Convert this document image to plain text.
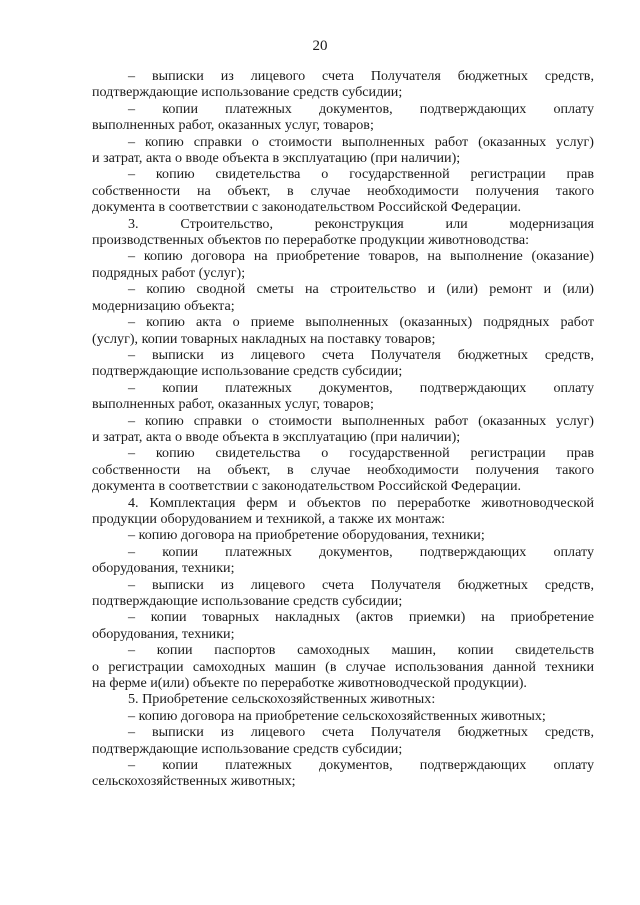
20
– выписки из лицевого счета Получателя бюджетных средств,
подтверждающие использование средств субсидии;
– копии платежных документов, подтверждающих оплату
выполненных работ, оказанных услуг, товаров;
– копию справки о стоимости выполненных работ (оказанных услуг)
и затрат, акта о вводе объекта в эксплуатацию (при наличии);
– копию свидетельства о государственной регистрации прав
собственности на объект, в случае необходимости получения такого
документа в соответствии с законодательством Российской Федерации.
3. Строительство, реконструкция или модернизация
производственных объектов по переработке продукции животноводства:
– копию договора на приобретение товаров, на выполнение (оказание)
подрядных работ (услуг);
– копию сводной сметы на строительство и (или) ремонт и (или)
модернизацию объекта;
– копию акта о приеме выполненных (оказанных) подрядных работ
(услуг), копии товарных накладных на поставку товаров;
– выписки из лицевого счета Получателя бюджетных средств,
подтверждающие использование средств субсидии;
– копии платежных документов, подтверждающих оплату
выполненных работ, оказанных услуг, товаров;
– копию справки о стоимости выполненных работ (оказанных услуг)
и затрат, акта о вводе объекта в эксплуатацию (при наличии);
– копию свидетельства о государственной регистрации прав
собственности на объект, в случае необходимости получения такого
документа в соответствии с законодательством Российской Федерации.
4. Комплектация ферм и объектов по переработке животноводческой
продукции оборудованием и техникой, а также их монтаж:
– копию договора на приобретение оборудования, техники;
– копии платежных документов, подтверждающих оплату
оборудования, техники;
– выписки из лицевого счета Получателя бюджетных средств,
подтверждающие использование средств субсидии;
– копии товарных накладных (актов приемки) на приобретение
оборудования, техники;
– копии паспортов самоходных машин, копии свидетельств
о регистрации самоходных машин (в случае использования данной техники
на ферме и(или) объекте по переработке животноводческой продукции).
5. Приобретение сельскохозяйственных животных:
– копию договора на приобретение сельскохозяйственных животных;
– выписки из лицевого счета Получателя бюджетных средств,
подтверждающие использование средств субсидии;
– копии платежных документов, подтверждающих оплату
сельскохозяйственных животных;
